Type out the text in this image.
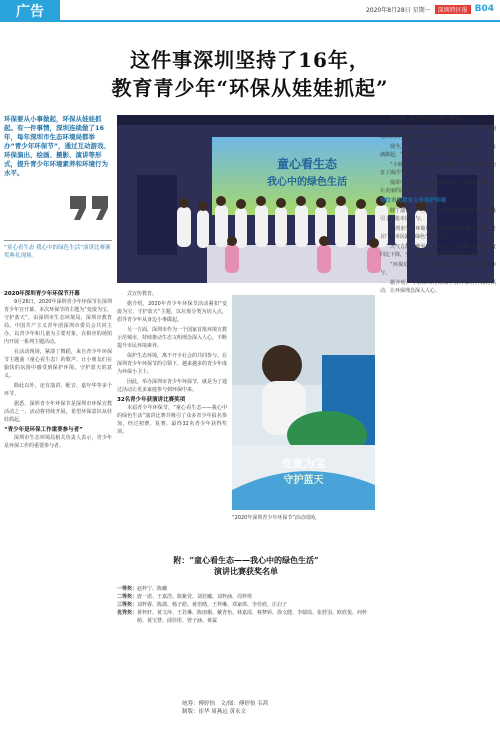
广告	2020年8月28日 星期一	深圳特区报 B04
这件事深圳坚持了16年，
教育青少年“环保从娃娃抓起”
环保要从小事做起，环保从娃娃抓起。有一件事情，深圳连续做了16年，每年深圳市生态环境局都举办“青少年环保节”，通过互动游戏、环保演出、绘画、摄影、演讲等形式，提升青少年环境素养和环境行为水平。
“童心看生态 我心中的绿色生活”演讲比赛颁奖典礼现场。
2020年深圳青少年环保节开幕

9月26日，2020年深圳青少年环保节在深圳青少年宫开幕。本次环保节的主题为“变废为宝，守护蓝天”，由深圳市生态环境局、深圳市教育局、中国共产主义青年团深圳市委员会共同主办，以青少年和儿童为主要对象，在相应的场馆内开展一系列主题活动。

在活动现场，紧凑丁舞蹈，来自青少年环保节主题曲《童心看生态》的歌声，让小朋友们在愉快的氛围中感受到保护环境、守护蓝天的意义。

除此以外，还有演讲、配音、嘉年华等多个环节。

据悉，深圳青少年环保节是深圳市环保宣教活动之一，活动将持续开展，希望环保意识从娃娃抓起。

“青少年是环保工作重要参与者”

深圳市生态环境局相关负责人表示，青少年是环保工作的重要参与者。

童心看生态
我心中的绿色生活

式宣传教育。

据介绍，2020年青少年环保节活动紧扣“变废为宝，守护蓝天”主题，以垃圾分类为切入点，倡导青少年从身边小事做起。

另一方面，深圳市作为一个国家首批环境宣教示范城市，持续推动生态文明理念深入人心，不断提升市民环境素养。

保护生态环境，离不开全社会的共同参与。在深圳青少年环保节的引领下，越来越多的青少年成为环保小卫士。

因此，举办深圳市青少年环保节，就是为了通过活动让更多家庭参与到环保中来。

32名青少年获演讲比赛奖项

本届青少年环保节，“童心看生态——我心中的绿色生活”演讲比赛共吸引了众多青少年报名参加，经过初赛、复赛，最终32名青少年获得奖项。

变废为宝
守护蓝天
“2020年深圳青少年环保节”活动现场。

的故事，并获得演讲比赛一等奖。

该演讲选手表示：在参加环保活动后，更加深刻地认识到了保护环境的重要性。

现今，青少年一代更需要承担起环保责任，从点滴做起，节约用水用电，进行垃圾分类。

“小海龟的故事”让他印象深刻，大海里的垃圾伤害了海洋生物。

演讲中，他呼吁大家减少使用一次性塑料制品，让美丽的海洋环境得到保护。

每位市民都有义务保护环境

除了演讲，一些有关“青少年环保节”的活动也吸引了大批市民参与。

深圳市生态环境局在活动中发布了相关倡议，号召广大市民践行绿色生活方式。

大气方面，截至9月20日，全市PM2.5平均浓度同比下降，空气质量优良天数比例位居全国前列。

“环保进行时”公众开放日活动吸引大量市民参与。

据介绍，今后深圳将继续开展环保宣传教育活动，让环保理念深入人心。

附：“童心看生态——我心中的绿色生活”
演讲比赛获奖名单
一等奖： 赵梓宁、陈曦
二等奖： 唐一诺、王嘉浩、陈紫萱、刘若曦、刘梓涵、周梓琪
三等奖： 刘梓睿、陈潇、杨子皓、黄语晴、王梓琳、邓家琪、李佳欣、庄启子
优秀奖： 黄梓轩、黄文萍、王若琳、陈雨桐、戴青怡、林嘉瑶、蔡梦婷、徐文健、李婧瑶、张舒羽、欧欣悦、何梓萌、黄宝慧、邱佳彤、曾子涵、黄霖
统筹：傅婷怡　文/图：傅婷怡 韦茜
制版：崔华 周燕远 黄永文
